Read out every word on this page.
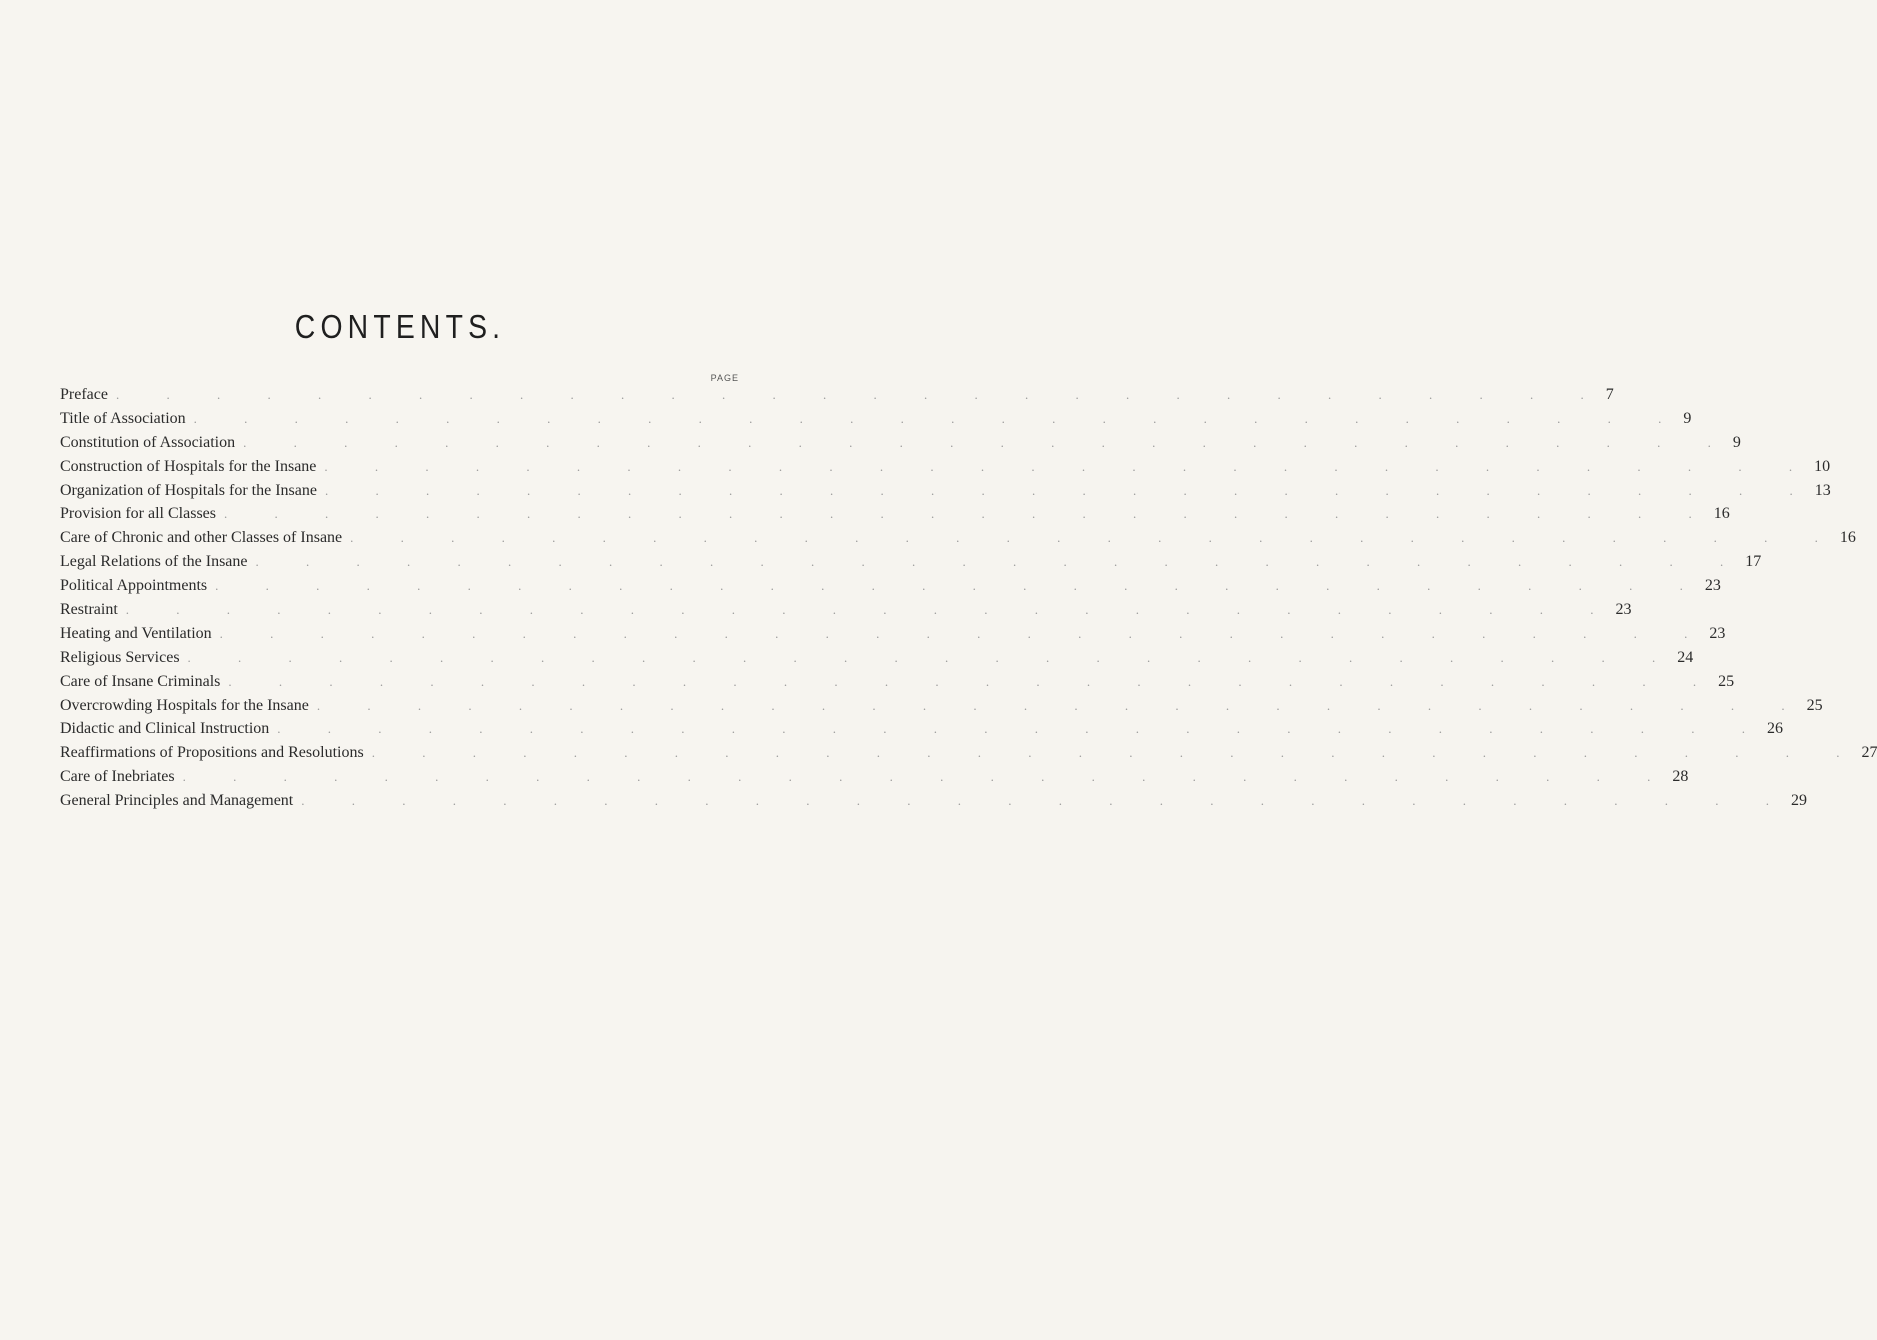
CONTENTS.
PAGE
Preface . . . . . . . . . . . . . . . . . . . . . . . . . . . . . . 7
Title of Association . . . . . . . . . . . . . . . . . . . . . . . . . . . . . . 9
Constitution of Association . . . . . . . . . . . . . . . . . . . . . . . . . . . . . . 9
Construction of Hospitals for the Insane . . . . . . . . . . . . . . . . . . . . . . . . . . . . . . 10
Organization of Hospitals for the Insane . . . . . . . . . . . . . . . . . . . . . . . . . . . . . . 13
Provision for all Classes . . . . . . . . . . . . . . . . . . . . . . . . . . . . . . 16
Care of Chronic and other Classes of Insane . . . . . . . . . . . . . . . . . . . . . . . . . . . . . . 16
Legal Relations of the Insane . . . . . . . . . . . . . . . . . . . . . . . . . . . . . . 17
Political Appointments . . . . . . . . . . . . . . . . . . . . . . . . . . . . . . 23
Restraint . . . . . . . . . . . . . . . . . . . . . . . . . . . . . . 23
Heating and Ventilation . . . . . . . . . . . . . . . . . . . . . . . . . . . . . . 23
Religious Services . . . . . . . . . . . . . . . . . . . . . . . . . . . . . . 24
Care of Insane Criminals . . . . . . . . . . . . . . . . . . . . . . . . . . . . . . 25
Overcrowding Hospitals for the Insane . . . . . . . . . . . . . . . . . . . . . . . . . . . . . . 25
Didactic and Clinical Instruction . . . . . . . . . . . . . . . . . . . . . . . . . . . . . . 26
Reaffirmations of Propositions and Resolutions . . . . . . . . . . . . . . . . . . . . . . . . . . . . . . 27
Care of Inebriates . . . . . . . . . . . . . . . . . . . . . . . . . . . . . . 28
General Principles and Management . . . . . . . . . . . . . . . . . . . . . . . . . . . . . . 29
